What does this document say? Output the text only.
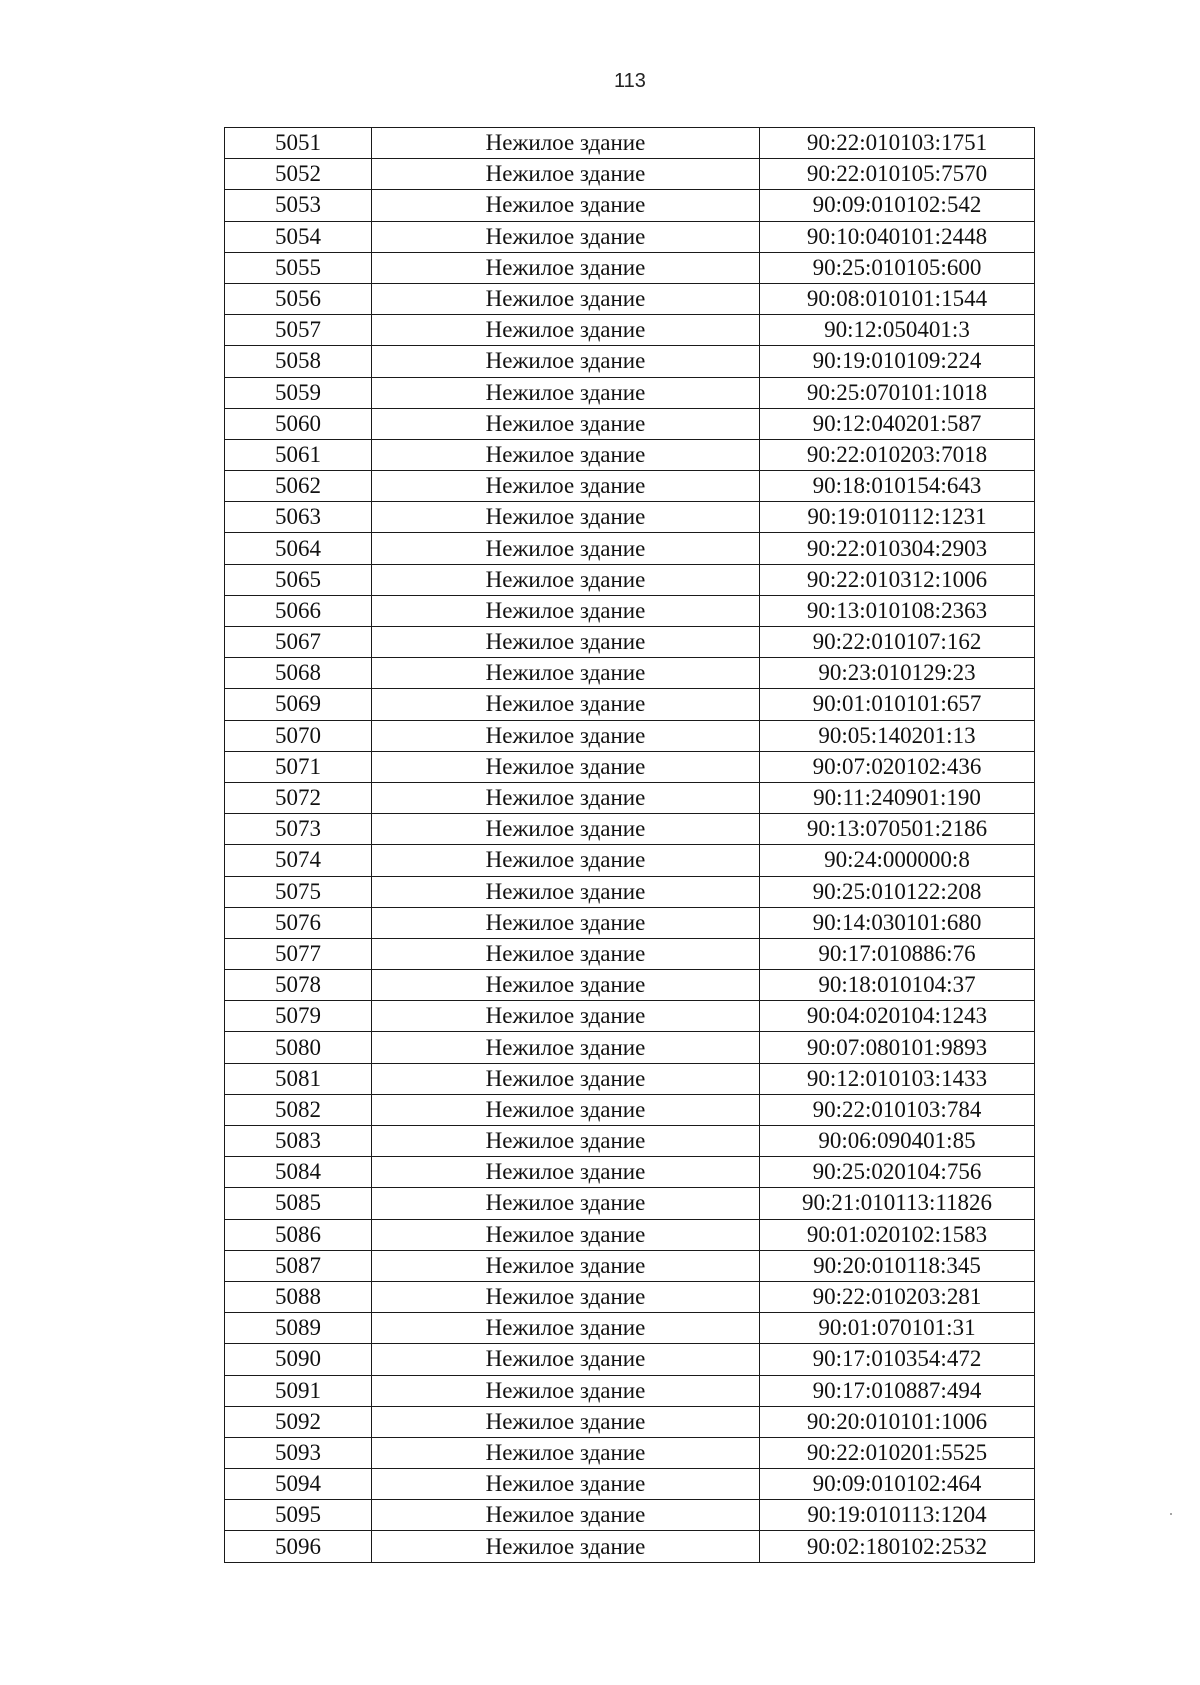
113
5051	Нежилое здание	90:22:010103:1751
5052	Нежилое здание	90:22:010105:7570
5053	Нежилое здание	90:09:010102:542
5054	Нежилое здание	90:10:040101:2448
5055	Нежилое здание	90:25:010105:600
5056	Нежилое здание	90:08:010101:1544
5057	Нежилое здание	90:12:050401:3
5058	Нежилое здание	90:19:010109:224
5059	Нежилое здание	90:25:070101:1018
5060	Нежилое здание	90:12:040201:587
5061	Нежилое здание	90:22:010203:7018
5062	Нежилое здание	90:18:010154:643
5063	Нежилое здание	90:19:010112:1231
5064	Нежилое здание	90:22:010304:2903
5065	Нежилое здание	90:22:010312:1006
5066	Нежилое здание	90:13:010108:2363
5067	Нежилое здание	90:22:010107:162
5068	Нежилое здание	90:23:010129:23
5069	Нежилое здание	90:01:010101:657
5070	Нежилое здание	90:05:140201:13
5071	Нежилое здание	90:07:020102:436
5072	Нежилое здание	90:11:240901:190
5073	Нежилое здание	90:13:070501:2186
5074	Нежилое здание	90:24:000000:8
5075	Нежилое здание	90:25:010122:208
5076	Нежилое здание	90:14:030101:680
5077	Нежилое здание	90:17:010886:76
5078	Нежилое здание	90:18:010104:37
5079	Нежилое здание	90:04:020104:1243
5080	Нежилое здание	90:07:080101:9893
5081	Нежилое здание	90:12:010103:1433
5082	Нежилое здание	90:22:010103:784
5083	Нежилое здание	90:06:090401:85
5084	Нежилое здание	90:25:020104:756
5085	Нежилое здание	90:21:010113:11826
5086	Нежилое здание	90:01:020102:1583
5087	Нежилое здание	90:20:010118:345
5088	Нежилое здание	90:22:010203:281
5089	Нежилое здание	90:01:070101:31
5090	Нежилое здание	90:17:010354:472
5091	Нежилое здание	90:17:010887:494
5092	Нежилое здание	90:20:010101:1006
5093	Нежилое здание	90:22:010201:5525
5094	Нежилое здание	90:09:010102:464
5095	Нежилое здание	90:19:010113:1204
5096	Нежилое здание	90:02:180102:2532
